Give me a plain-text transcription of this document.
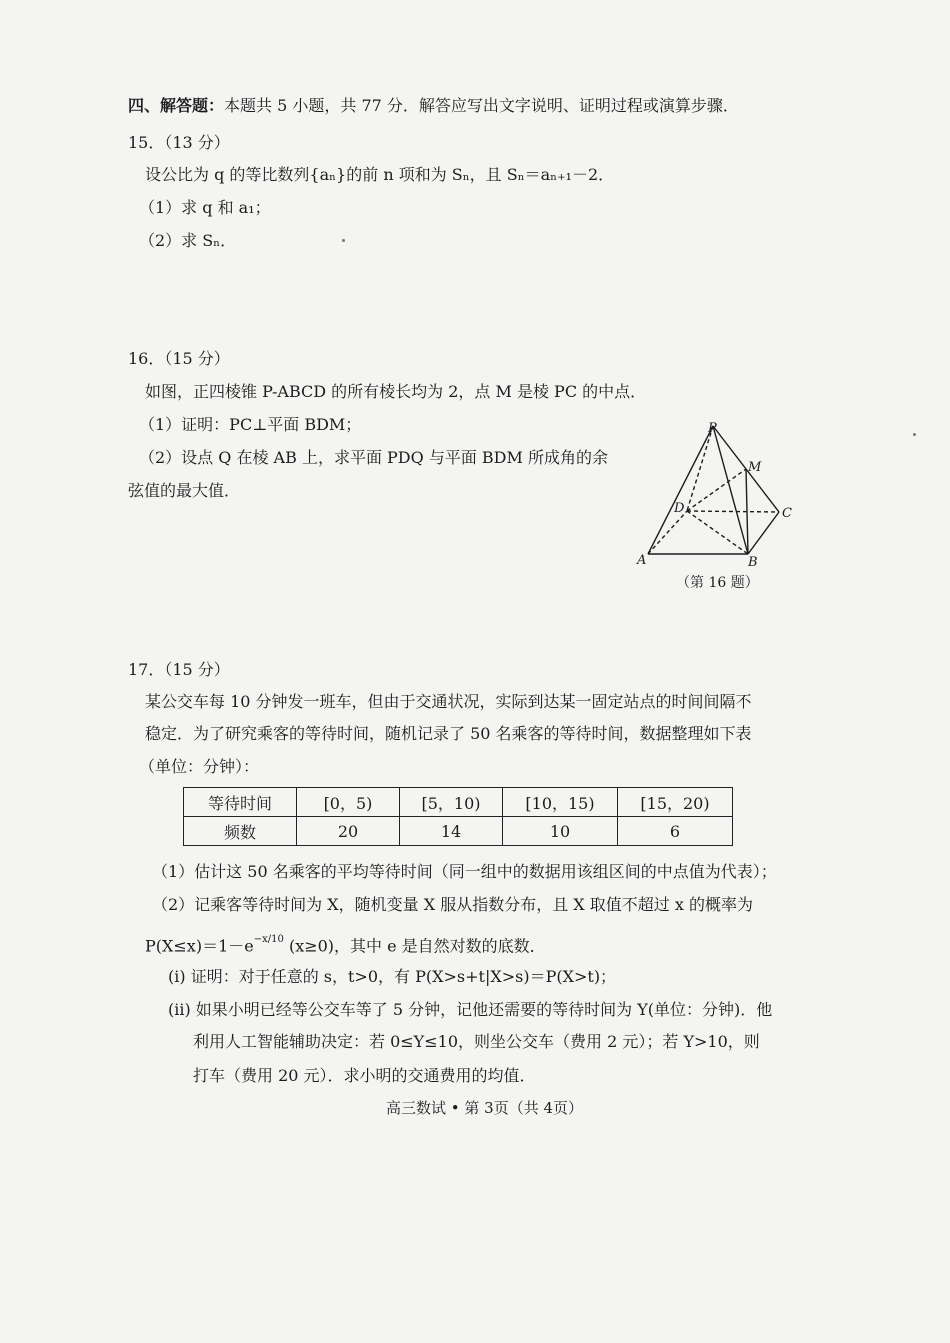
四、解答题：本题共 5 小题，共 77 分．解答应写出文字说明、证明过程或演算步骤．
15．（13 分）
设公比为 q 的等比数列{aₙ}的前 n 项和为 Sₙ，且 Sₙ＝aₙ₊₁－2．
（1）求 q 和 a₁；
（2）求 Sₙ．
16．（15 分）
如图，正四棱锥 P-ABCD 的所有棱长均为 2，点 M 是棱 PC 的中点．
（1）证明：PC⊥平面 BDM；
（2）设点 Q 在棱 AB 上，求平面 PDQ 与平面 BDM 所成角的余
弦值的最大值．
P
M
D	C
A	B
（第 16 题）
17．（15 分）
某公交车每 10 分钟发一班车，但由于交通状况，实际到达某一固定站点的时间间隔不
稳定．为了研究乘客的等待时间，随机记录了 50 名乘客的等待时间，数据整理如下表
（单位：分钟）：
等待时间	[0，5)	[5，10)	[10，15)	[15，20)
频数	20	14	10	6
（1）估计这 50 名乘客的平均等待时间（同一组中的数据用该组区间的中点值为代表）；
（2）记乘客等待时间为 X，随机变量 X 服从指数分布，且 X 取值不超过 x 的概率为
$P(X\le x)=1-e^{-x/10}$ (x≥0)，其中 e 是自然对数的底数．
(i) 证明：对于任意的 s，t>0，有 P(X>s+t|X>s)＝P(X>t)；
(ii) 如果小明已经等公交车等了 5 分钟，记他还需要的等待时间为 Y(单位：分钟)．他
利用人工智能辅助决定：若 0≤Y≤10，则坐公交车（费用 2 元）；若 Y>10，则
打车（费用 20 元）．求小明的交通费用的均值．
高三数试 • 第 3页（共 4页）
